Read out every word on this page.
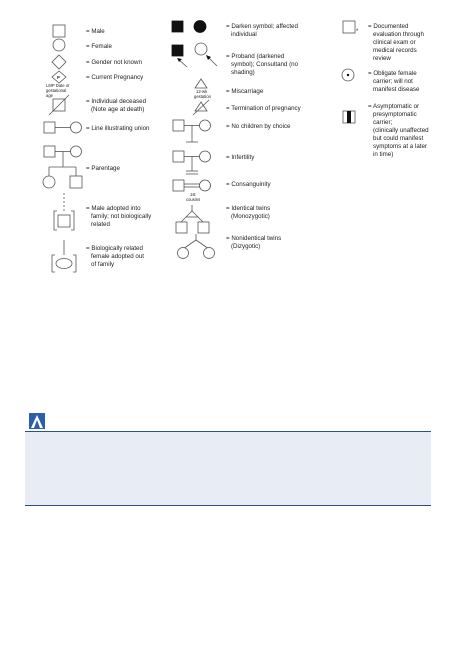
= Male
= Female
= Gender not known
P	= Current Pregnancy
LMP Date or
gestational
age
= Individual deceased
(Note age at death)
= Line illustrating union
= Parentage
= Male adopted into
family; not biologically
related
= Biologically related
female adopted out
of family
= Darken symbol; affected
individual
= Proband (darkened
symbol); Consultand (no
shading)
12-wk
gestation
= Miscarriage
= Termination of pregnancy
= No children by choice
= Infertility
1st
cousins
= Consanguinity
= Identical twins
(Monozygotic)
= Nonidentical twins
(Dizygotic)
*
= Documented
evaluation through
clinical exam or
medical records
review
= Obligate female
carrier; will not
manifest disease
= Asymptomatic or
presymptomatic
carrier;
(clinically unaffected
but could manifest
symptoms at a later
in time)
